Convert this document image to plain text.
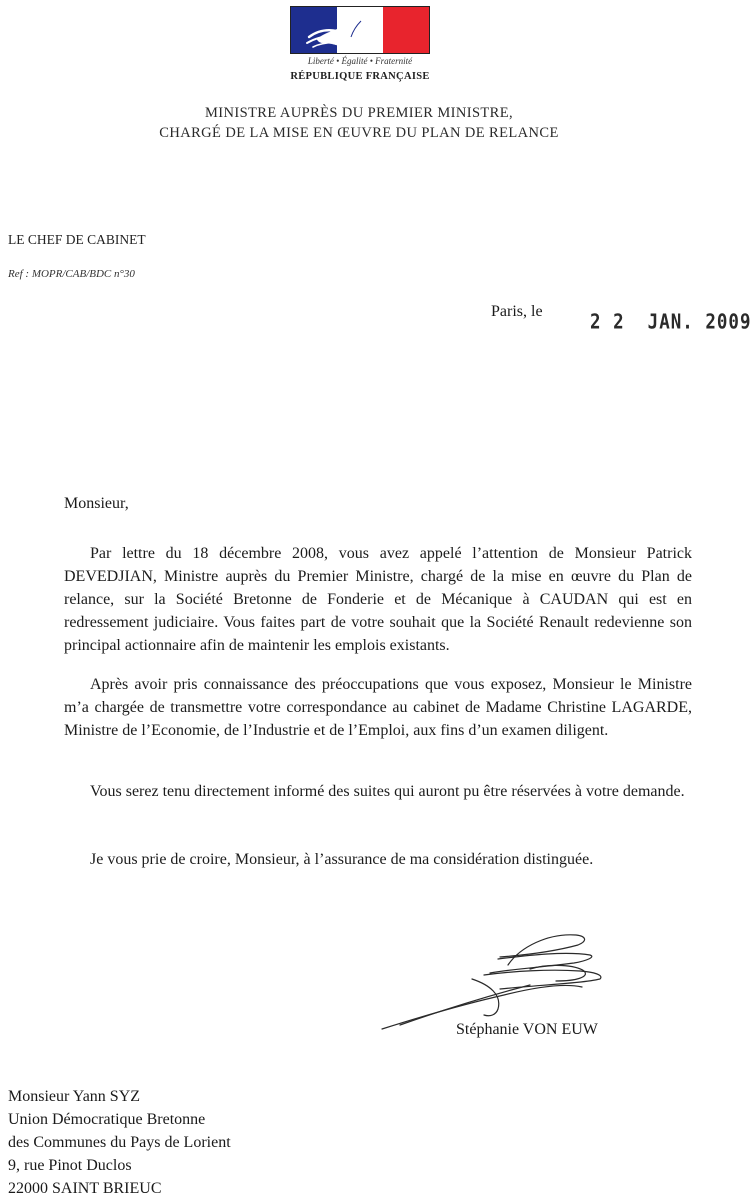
Liberté • Égalité • Fraternité
RÉPUBLIQUE FRANÇAISE
MINISTRE AUPRÈS DU PREMIER MINISTRE,
CHARGÉ DE LA MISE EN ŒUVRE DU PLAN DE RELANCE
LE CHEF DE CABINET
Ref : MOPR/CAB/BDC n°30
Paris, le	2 2  JAN. 2009
Monsieur,
Par lettre du 18 décembre 2008, vous avez appelé l’attention de Monsieur Patrick DEVEDJIAN, Ministre auprès du Premier Ministre, chargé de la mise en œuvre du Plan de relance, sur la Société Bretonne de Fonderie et de Mécanique à CAUDAN qui est en redressement judiciaire. Vous faites part de votre souhait que la Société Renault redevienne son principal actionnaire afin de maintenir les emplois existants.
Après avoir pris connaissance des préoccupations que vous exposez, Monsieur le Ministre m’a chargée de transmettre votre correspondance au cabinet de Madame Christine LAGARDE, Ministre de l’Economie, de l’Industrie et de l’Emploi, aux fins d’un examen diligent.
Vous serez tenu directement informé des suites qui auront pu être réservées à votre demande.
Je vous prie de croire, Monsieur, à l’assurance de ma considération distinguée.
Stéphanie VON EUW
Monsieur Yann SYZ
Union Démocratique Bretonne
des Communes du Pays de Lorient
9, rue Pinot Duclos
22000 SAINT BRIEUC
